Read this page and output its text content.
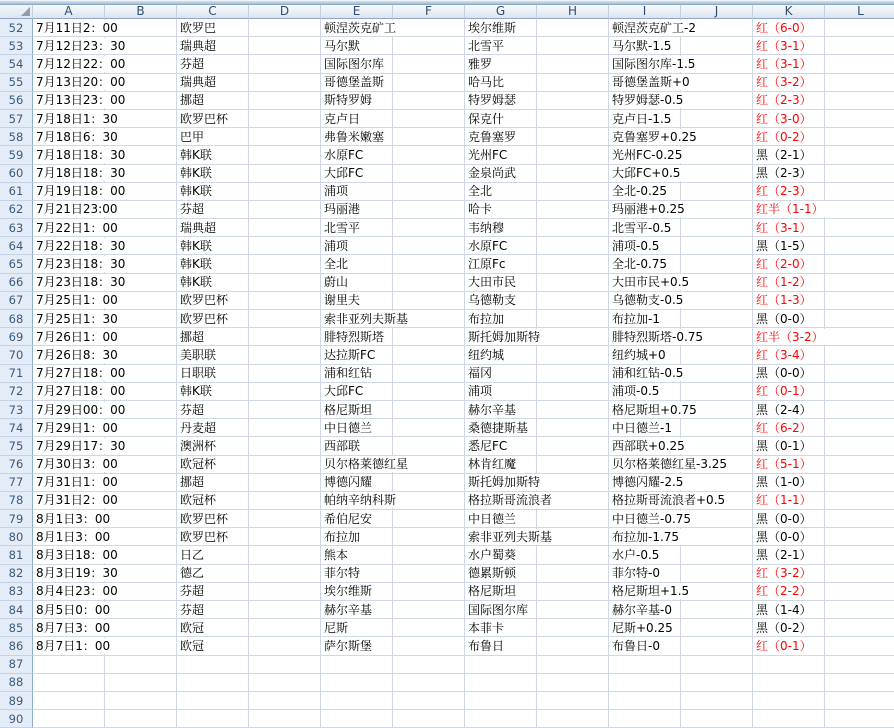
	A	B	C	D	E	F	G	H	I	J	K	L
52	7月11日2：00		欧罗巴		顿涅茨克矿工		埃尔维斯		顿涅茨克矿工-2		红（6-0）	
53	7月12日23：30		瑞典超		马尔默		北雪平		马尔默-1.5		红（3-1）	
54	7月12日22：00		芬超		国际图尔库		雅罗		国际图尔库-1.5		红（3-1）	
55	7月13日20：00		瑞典超		哥德堡盖斯		哈马比		哥德堡盖斯+0		红（3-2）	
56	7月13日23：00		挪超		斯特罗姆		特罗姆瑟		特罗姆瑟-0.5		红（2-3）	
57	7月18日1：30		欧罗巴杯		克卢日		保克什		克卢日-1.5		红（3-0）	
58	7月18日6：30		巴甲		弗鲁米嫩塞		克鲁塞罗		克鲁塞罗+0.25		红（0-2）	
59	7月18日18：30		韩K联		水原FC		光州FC		光州FC-0.25		黑（2-1）	
60	7月18日18：30		韩K联		大邱FC		金泉尚武		大邱FC+0.5		黑（2-3）	
61	7月19日18：00		韩K联		浦项		全北		全北-0.25		红（2-3）	
62	7月21日23:00		芬超		玛丽港		哈卡		玛丽港+0.25		红半（1-1）	
63	7月22日1：00		瑞典超		北雪平		韦纳穆		北雪平-0.5		红（3-1）	
64	7月22日18：30		韩K联		浦项		水原FC		浦项-0.5		黑（1-5）	
65	7月23日18：30		韩K联		全北		江原Fc		全北-0.75		红（2-0）	
66	7月23日18：30		韩K联		蔚山		大田市民		大田市民+0.5		红（1-2）	
67	7月25日1：00		欧罗巴杯		谢里夫		乌德勒支		乌德勒支-0.5		红（1-3）	
68	7月25日1：30		欧罗巴杯		索非亚列夫斯基		布拉加		布拉加-1		黑（0-0）	
69	7月26日1：00		挪超		腓特烈斯塔		斯托姆加斯特		腓特烈斯塔-0.75		红半（3-2）	
70	7月26日8：30		美职联		达拉斯FC		纽约城		纽约城+0		红（3-4）	
71	7月27日18：00		日职联		浦和红钻		福冈		浦和红钻-0.5		黑（0-0）	
72	7月27日18：00		韩K联		大邱FC		浦项		浦项-0.5		红（0-1）	
73	7月29日00：00		芬超		格尼斯坦		赫尔辛基		格尼斯坦+0.75		黑（2-4）	
74	7月29日1：00		丹麦超		中日德兰		桑德捷斯基		中日德兰-1		红（6-2）	
75	7月29日17：30		澳洲杯		西部联		悉尼FC		西部联+0.25		黑（0-1）	
76	7月30日3：00		欧冠杯		贝尔格莱德红星		林肯红魔		贝尔格莱德红星-3.25		红（5-1）	
77	7月31日1：00		挪超		博德闪耀		斯托姆加斯特		博德闪耀-2.5		黑（1-0）	
78	7月31日2：00		欧冠杯		帕纳辛纳科斯		格拉斯哥流浪者		格拉斯哥流浪者+0.5		红（1-1）	
79	8月1日3：00		欧罗巴杯		希伯尼安		中日德兰		中日德兰-0.75		黑（0-0）	
80	8月1日3：00		欧罗巴杯		布拉加		索非亚列夫斯基		布拉加-1.75		黑（0-0）	
81	8月3日18：00		日乙		熊本		水户蜀葵		水户-0.5		黑（2-1）	
82	8月3日19：30		德乙		菲尔特		德累斯顿		菲尔特-0		红（3-2）	
83	8月4日23：00		芬超		埃尔维斯		格尼斯坦		格尼斯坦+1.5		红（2-2）	
84	8月5日0：00		芬超		赫尔辛基		国际图尔库		赫尔辛基-0		黑（1-4）	
85	8月7日3：00		欧冠		尼斯		本菲卡		尼斯+0.25		黑（0-2）	
86	8月7日1：00		欧冠		萨尔斯堡		布鲁日		布鲁日-0		红（0-1）	
87												
88												
89												
90												
